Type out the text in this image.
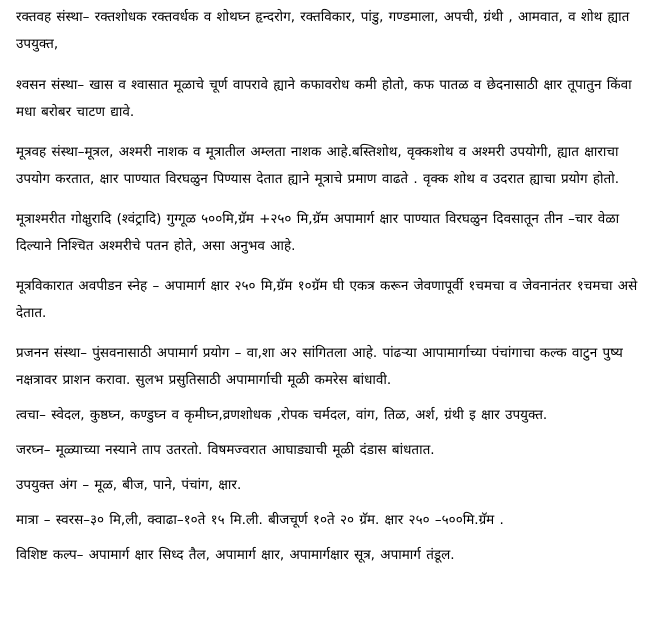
रक्तवह संस्था– रक्तशोधक रक्तवर्धक व शोथघ्न हृन्दरोग, रक्तविकार, पांडु, गण्डमाला, अपची, ग्रंथी , आमवात, व शोथ ह्यात उपयुक्त,

श्वसन संस्था– खास व श्वासात मूळाचे चूर्ण वापरावे ह्याने कफावरोध कमी होतो, कफ पातळ व छेदनासाठी क्षार तूपातुन किंवा मधा बरोबर चाटण द्यावे.

मूत्रवह संस्था–मूत्रल, अश्मरी नाशक व मूत्रातील अम्लता नाशक आहे.बस्तिशोथ, वृक्कशोथ व अश्मरी उपयोगी, ह्यात क्षाराचा उपयोग करतात, क्षार पाण्यात विरघळुन पिण्यास देतात ह्याने मूत्राचे प्रमाण वाढते . वृक्क शोथ व उदरात ह्याचा प्रयोग होतो.

मूत्राश्मरीत गोक्षुरादि (श्वंट्रादि) गुग्गूळ ५००मि,ग्रॅम +२५० मि,ग्रॅम अपामार्ग क्षार पाण्यात विरघळुन दिवसातून तीन –चार वेळा दिल्याने निश्चित अश्मरीचे पतन होते, असा अनुभव आहे.

मूत्रविकारात अवपीडन स्नेह – अपामार्ग क्षार २५० मि,ग्रॅम १०ग्रॅम घी एकत्र करून जेवणापूर्वी १चमचा व जेवनानंतर १चमचा असे देतात.

प्रजनन संस्था– पुंसवनासाठी अपामार्ग प्रयोग – वा,शा अ२ सांगितला आहे. पांढऱ्या आपामार्गाच्या पंचांगाचा कल्क वाटुन पुष्य नक्षत्रावर प्राशन करावा. सुलभ प्रसुतिसाठी अपामार्गाची मूळी कमरेस बांधावी.

त्वचा– स्वेदल, कुष्ठघ्न, कण्डुघ्न व कृमीघ्न,व्रणशोधक ,रोपक चर्मदल, वांग, तिळ, अर्श, ग्रंथी इ क्षार उपयुक्त.

जरघ्न– मूळ्याच्या नस्याने ताप उतरतो. विषमज्वरात आघाड्याची मूळी दंडास बांधतात.

उपयुक्त अंग – मूळ, बीज, पाने, पंचांग, क्षार.

मात्रा – स्वरस–३० मि,ली, क्वाढा–१०ते १५ मि.ली. बीजचूर्ण १०ते २० ग्रॅम. क्षार २५० –५००मि.ग्रॅम .

विशिष्ट कल्प– अपामार्ग क्षार सिध्द तैल, अपामार्ग क्षार, अपामार्गक्षार सूत्र, अपामार्ग तंडूल.
